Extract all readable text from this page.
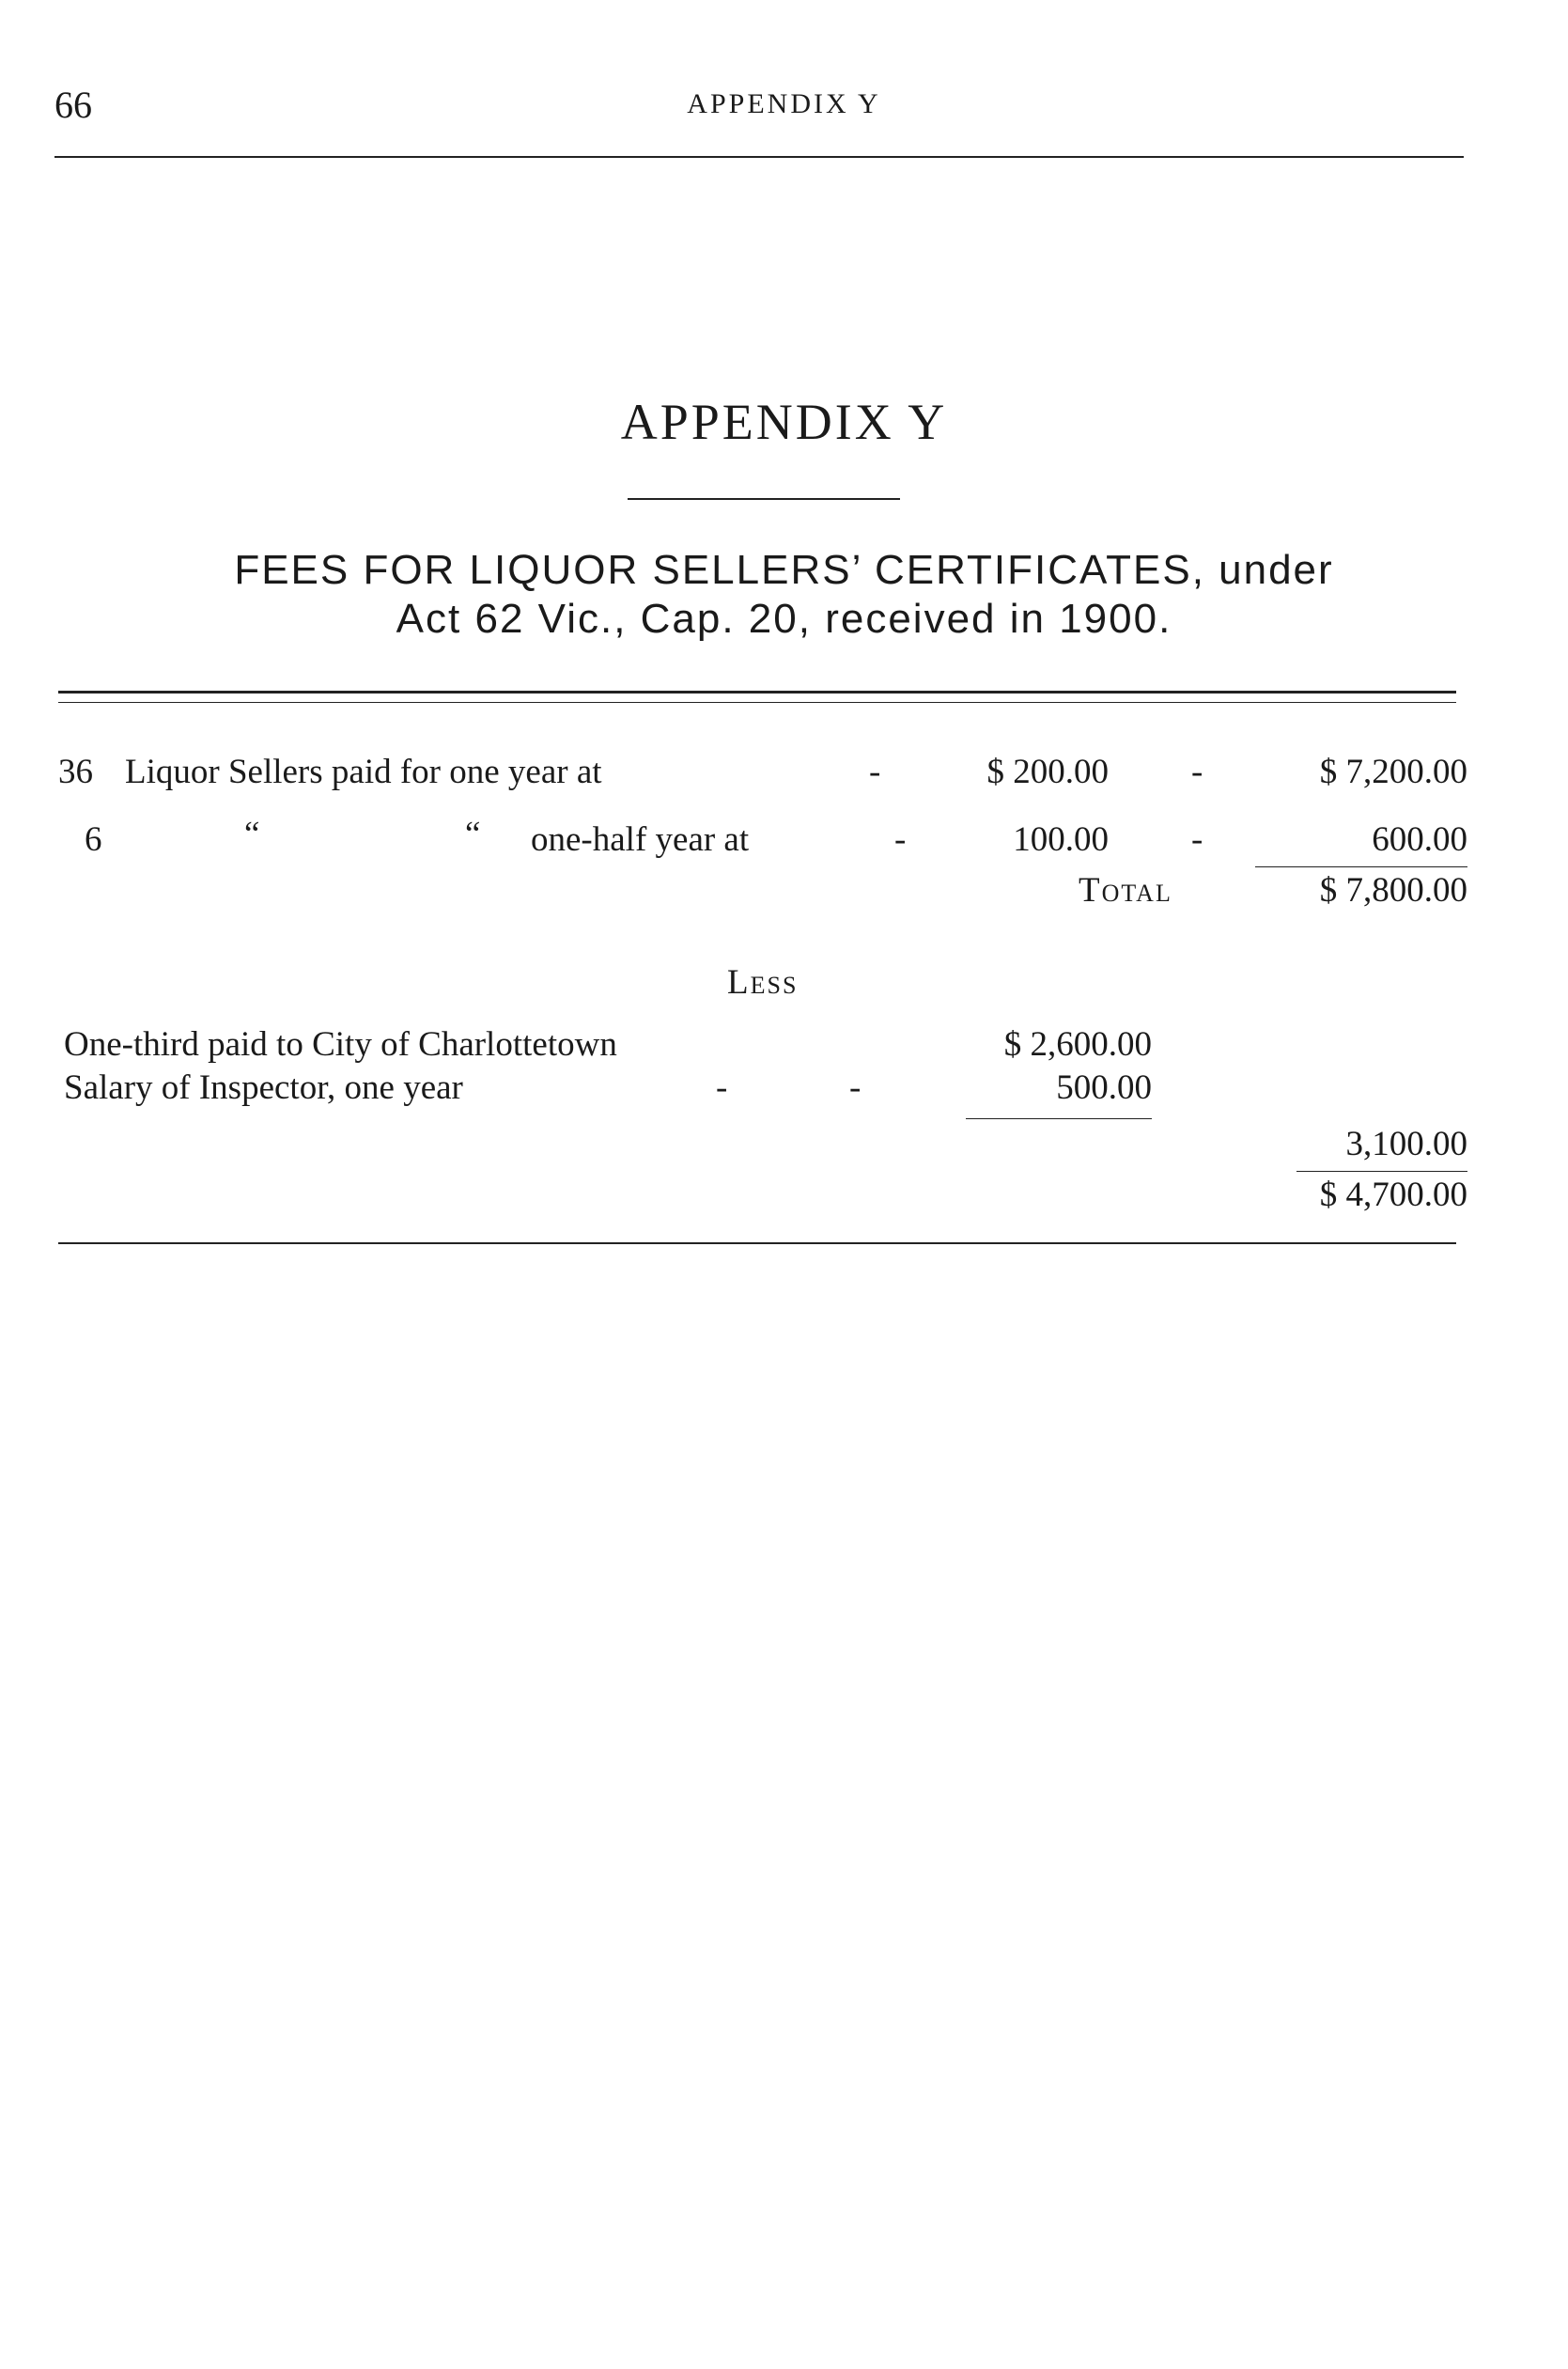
66	APPENDIX Y
APPENDIX Y
FEES FOR LIQUOR SELLERS’ CERTIFICATES, under
Act 62 Vic., Cap. 20, received in 1900.
36 Liquor Sellers paid for one year at	-	$ 200.00 -	$ 7,200.00
6	“	“ one-half year at	-	100.00 -	600.00
Total	$ 7,800.00
Less
One-third paid to City of Charlottetown	$ 2,600.00
Salary of Inspector, one year	-	-	500.00
3,100.00
$ 4,700.00
